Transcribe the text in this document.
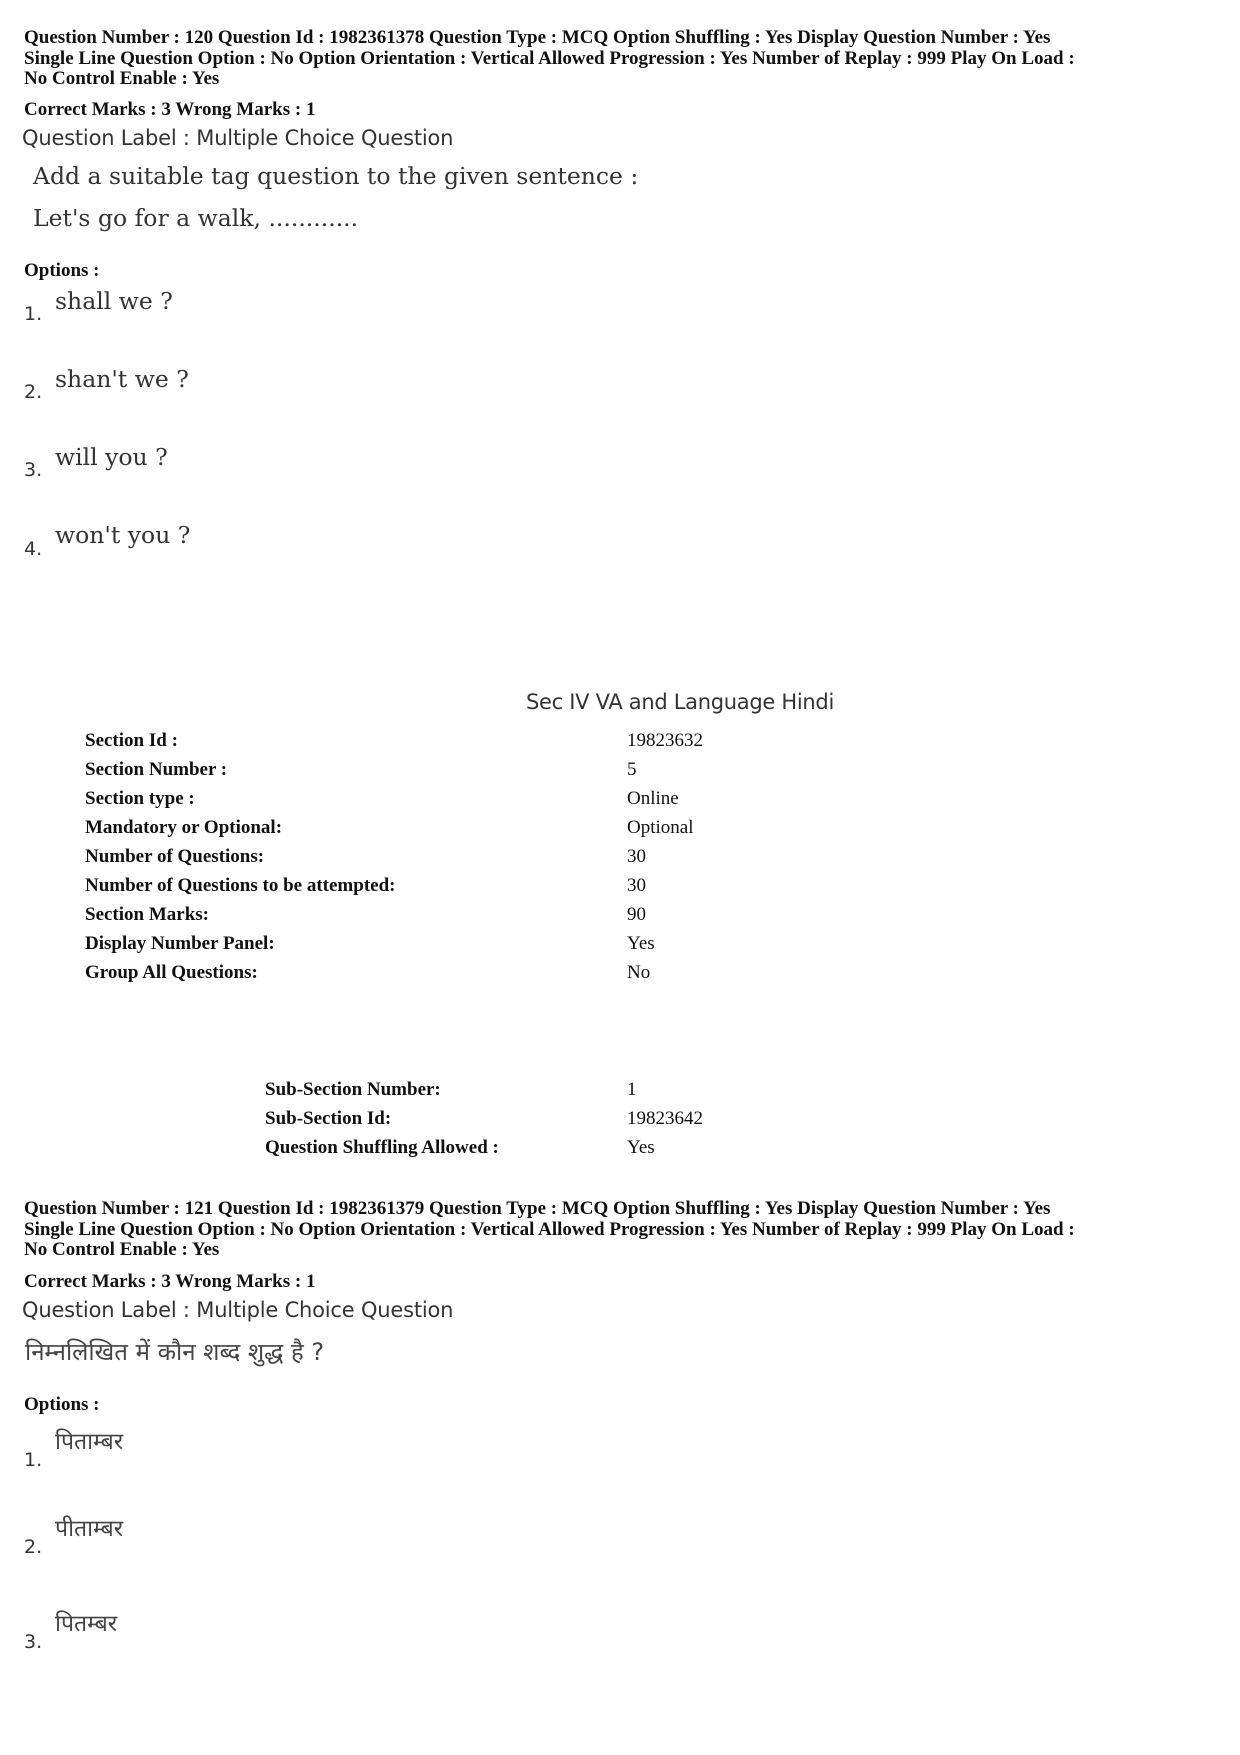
Question Number : 120 Question Id : 1982361378 Question Type : MCQ Option Shuffling : Yes Display Question Number : Yes
Single Line Question Option : No Option Orientation : Vertical Allowed Progression : Yes Number of Replay : 999 Play On Load :
No Control Enable : Yes
Correct Marks : 3 Wrong Marks : 1
Question Label : Multiple Choice Question
Add a suitable tag question to the given sentence :
Let's go for a walk, ............
Options :
1. shall we ?
2. shan't we ?
3. will you ?
4. won't you ?
Sec IV VA and Language Hindi
Section Id :	19823632
Section Number :	5
Section type :	Online
Mandatory or Optional:	Optional
Number of Questions:	30
Number of Questions to be attempted:	30
Section Marks:	90
Display Number Panel:	Yes
Group All Questions:	No
Sub-Section Number:	1
Sub-Section Id:	19823642
Question Shuffling Allowed :	Yes
Question Number : 121 Question Id : 1982361379 Question Type : MCQ Option Shuffling : Yes Display Question Number : Yes
Single Line Question Option : No Option Orientation : Vertical Allowed Progression : Yes Number of Replay : 999 Play On Load :
No Control Enable : Yes
Correct Marks : 3 Wrong Marks : 1
Question Label : Multiple Choice Question
निम्नलिखित में कौन शब्द शुद्ध है ?
Options :
1.
पिताम्बर
2.
पीताम्बर
3.
पितम्बर
